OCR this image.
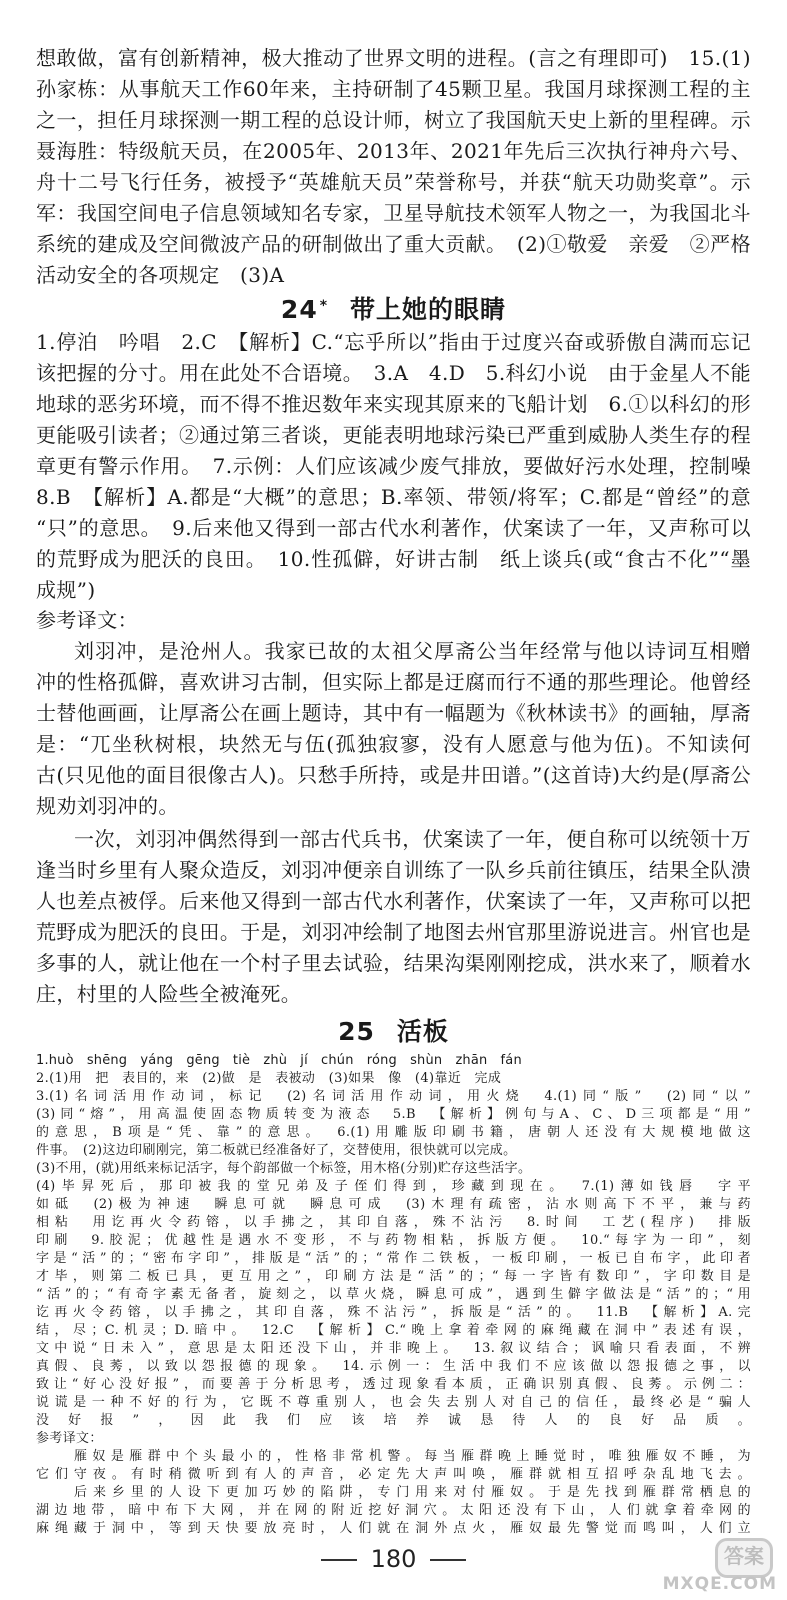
想敢做，富有创新精神，极大推动了世界文明的进程。(言之有理即可)　15.(1)
孙家栋：从事航天工作60年来，主持研制了45颗卫星。我国月球探测工程的主
之一，担任月球探测一期工程的总设计师，树立了我国航天史上新的里程碑。示
聂海胜：特级航天员，在2005年、2013年、2021年先后三次执行神舟六号、
舟十二号飞行任务，被授予“英雄航天员”荣誉称号，并获“航天功勋奖章”。示
军：我国空间电子信息领域知名专家，卫星导航技术领军人物之一，为我国北斗
系统的建成及空间微波产品的研制做出了重大贡献。　(2)①敬爱　亲爱　②严格
活动安全的各项规定　(3)A
24 * 带上她的眼睛
1.停泊　吟唱　2.C　【解析】C.“忘乎所以”指由于过度兴奋或骄傲自满而忘记
该把握的分寸。用在此处不合语境。　3.A　4.D　5.科幻小说　由于金星人不能
地球的恶劣环境，而不得不推迟数年来实现其原来的飞船计划　6.①以科幻的形
更能吸引读者；②通过第三者谈，更能表明地球污染已严重到威胁人类生存的程
章更有警示作用。　7.示例：人们应该减少废气排放，要做好污水处理，控制噪
8.B　【解析】A.都是“大概”的意思；B.率领、带领/将军；C.都是“曾经”的意
“只”的意思。　9.后来他又得到一部古代水利著作，伏案读了一年，又声称可以
的荒野成为肥沃的良田。　10.性孤僻，好讲古制　纸上谈兵(或“食古不化”“墨
成规”)
参考译文：
刘羽冲，是沧州人。我家已故的太祖父厚斋公当年经常与他以诗词互相赠
冲的性格孤僻，喜欢讲习古制，但实际上都是迂腐而行不通的那些理论。他曾经
士替他画画，让厚斋公在画上题诗，其中有一幅题为《秋林读书》的画轴，厚斋
是：“兀坐秋树根，块然无与伍(孤独寂寥，没有人愿意与他为伍)。不知读何
古(只见他的面目很像古人)。只愁手所持，或是井田谱。”(这首诗)大约是(厚斋公
规劝刘羽冲的。
一次，刘羽冲偶然得到一部古代兵书，伏案读了一年，便自称可以统领十万
逢当时乡里有人聚众造反，刘羽冲便亲自训练了一队乡兵前往镇压，结果全队溃
人也差点被俘。后来他又得到一部古代水利著作，伏案读了一年，又声称可以把
荒野成为肥沃的良田。于是，刘羽冲绘制了地图去州官那里游说进言。州官也是
多事的人，就让他在一个村子里去试验，结果沟渠刚刚挖成，洪水来了，顺着水
庄，村里的人险些全被淹死。
25 活板
1.huò　shēng　yáng　gēng　tiè　zhù　jí　chún　róng　shùn　zhān　fán
2.(1)用　把　表目的，来　(2)做　是　表被动　(3)如果　像　(4)靠近　完成
3.(1)名词活用作动词，标记　(2)名词活用作动词，用火烧　4.(1)同“版”　(2)同“以”
(3)同“熔”，用高温使固态物质转变为液态　5.B　【解析】例句与A、C、D三项都是“用”
的意思，B项是“凭、靠”的意思。　6.(1)用雕版印刷书籍，唐朝人还没有大规模地做这
件事。　(2)这边印刷刚完，第二板就已经准备好了，交替使用，很快就可以完成。
(3)不用，(就)用纸来标记活字，每个韵部做一个标签，用木格(分别)贮存这些活字。
(4)毕昇死后，那印被我的堂兄弟及子侄们得到，珍藏到现在。　7.(1)薄如钱唇　字平
如砥　(2)极为神速　瞬息可就　瞬息可成　(3)木理有疏密，沾水则高下不平，兼与药
相粘　用讫再火令药镕，以手拂之，其印自落，殊不沾污　8.时间　工艺(程序)　排版
印刷　9.胶泥；优越性是遇水不变形，不与药物相粘，拆版方便。　10.“每字为一印”，刻
字是“活”的；“密布字印”，排版是“活”的；“常作二铁板，一板印刷，一板已自布字，此印者
才毕，则第二板已具，更互用之”，印刷方法是“活”的；“每一字皆有数印”，字印数目是
“活”的；“有奇字素无备者，旋刻之，以草火烧，瞬息可成”，遇到生僻字做法是“活”的；“用
讫再火令药镕，以手拂之，其印自落，殊不沾污”，拆版是“活”的。　11.B　【解析】A.完
结，尽；C.机灵；D.暗中。　12.C　【解析】C.“晚上拿着牵网的麻绳藏在洞中”表述有误，
180	答案
MXQE.COM
文中说“日未入”，意思是太阳还没下山，并非晚上。　13.叙议结合；讽喻只看表面，不辨
真假、良莠，以致以怨报德的现象。　14.示例一：生活中我们不应该做以怨报德之事，以
致让“好心没好报”，而要善于分析思考，透过现象看本质，正确识别真假、良莠。示例二：
说谎是一种不好的行为，它既不尊重别人，也会失去别人对自己的信任，最终必是“骗人
没好报”，因此我们应该培养诚恳待人的良好品质。
参考译文：
雁奴是雁群中个头最小的，性格非常机警。每当雁群晚上睡觉时，唯独雁奴不睡，为
它们守夜。有时稍微听到有人的声音，必定先大声叫唤，雁群就相互招呼杂乱地飞去。
后来乡里的人设下更加巧妙的陷阱，专门用来对付雁奴。于是先找到雁群常栖息的
湖边地带，暗中布下大网，并在网的附近挖好洞穴。太阳还没有下山，人们就拿着牵网的
麻绳藏于洞中，等到天快要放亮时，人们就在洞外点火，雁奴最先警觉而鸣叫，人们立
